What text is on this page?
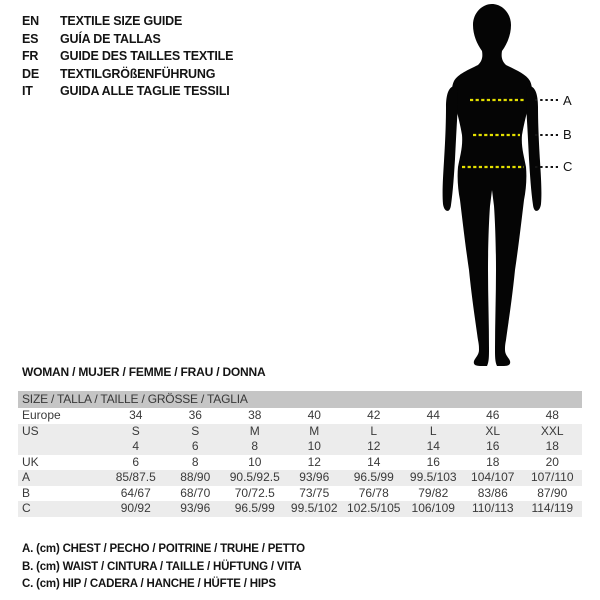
EN	TEXTILE SIZE GUIDE
ES	GUÍA DE TALLAS
FR	GUIDE DES TAILLES TEXTILE
DE	TEXTILGRÖßENFÜHRUNG
IT	GUIDA ALLE TAGLIE TESSILI
A
B
C
WOMAN / MUJER / FEMME / FRAU / DONNA
SIZE / TALLA / TAILLE / GRÖSSE / TAGLIA
Europe	34	36	38	40	42	44	46	48
US	S	S	M	M	L	L	XL	XXL
4	6	8	10	12	14	16	18
UK	6	8	10	12	14	16	18	20
A	85/87.5	88/90	90.5/92.5	93/96	96.5/99	99.5/103	104/107	107/110
B	64/67	68/70	70/72.5	73/75	76/78	79/82	83/86	87/90
C	90/92	93/96	96.5/99	99.5/102 102.5/105 106/109	110/113	114/119
A. (cm) CHEST / PECHO / POITRINE / TRUHE / PETTO
B. (cm) WAIST / CINTURA / TAILLE / HÜFTUNG / VITA
C. (cm) HIP / CADERA / HANCHE / HÜFTE / HIPS
